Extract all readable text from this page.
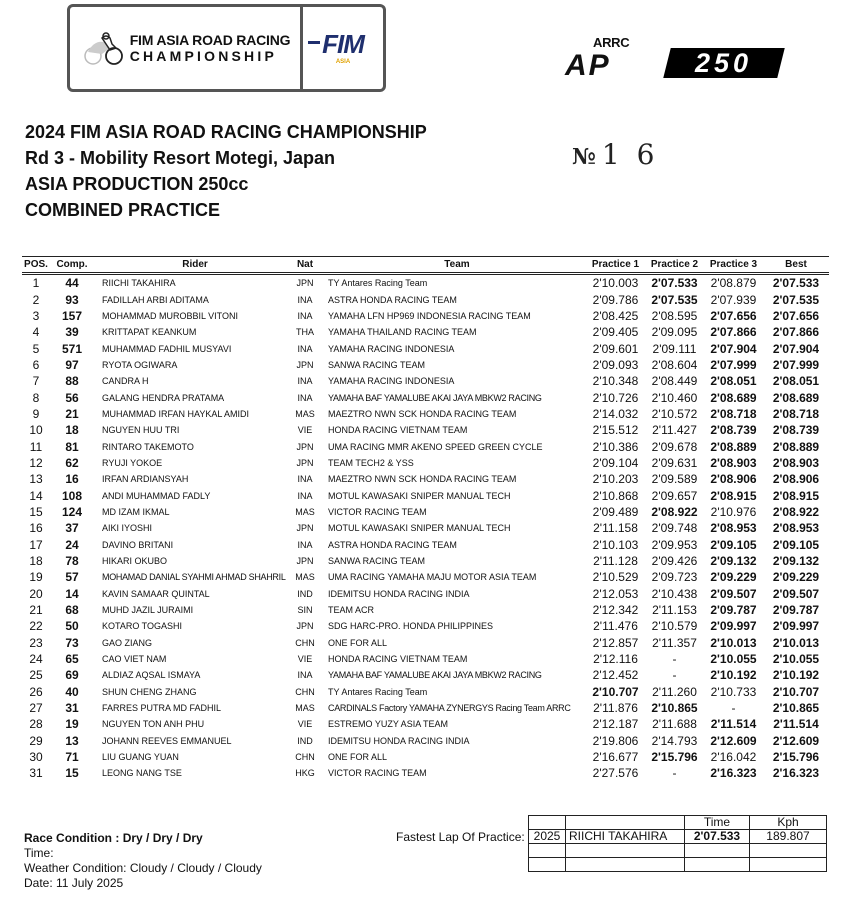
FIM ASIA ROAD RACING
CHAMPIONSHIP	FIM
ASIA
ARRC
AP	250
2024 FIM ASIA ROAD RACING CHAMPIONSHIP
Rd 3 - Mobility Resort Motegi, Japan
ASIA PRODUCTION 250cc
COMBINED PRACTICE
№ 1 6
POS.	Comp.	Rider	Nat	Team	Practice 1	Practice 2	Practice 3	Best
1	44	RIICHI TAKAHIRA	JPN	TY Antares Racing Team	2'10.003	2'07.533	2'08.879	2'07.533
2	93	FADILLAH ARBI ADITAMA	INA	ASTRA HONDA RACING TEAM	2'09.786	2'07.535	2'07.939	2'07.535
3	157	MOHAMMAD MUROBBIL VITONI	INA	YAMAHA LFN HP969 INDONESIA RACING TEAM	2'08.425	2'08.595	2'07.656	2'07.656
4	39	KRITTAPAT KEANKUM	THA	YAMAHA THAILAND RACING TEAM	2'09.405	2'09.095	2'07.866	2'07.866
5	571	MUHAMMAD FADHIL MUSYAVI	INA	YAMAHA RACING INDONESIA	2'09.601	2'09.111	2'07.904	2'07.904
6	97	RYOTA OGIWARA	JPN	SANWA RACING TEAM	2'09.093	2'08.604	2'07.999	2'07.999
7	88	CANDRA H	INA	YAMAHA RACING INDONESIA	2'10.348	2'08.449	2'08.051	2'08.051
8	56	GALANG HENDRA PRATAMA	INA	YAMAHA BAF YAMALUBE AKAI JAYA MBKW2 RACING	2'10.726	2'10.460	2'08.689	2'08.689
9	21	MUHAMMAD IRFAN HAYKAL AMIDI	MAS	MAEZTRO NWN SCK HONDA RACING TEAM	2'14.032	2'10.572	2'08.718	2'08.718
10	18	NGUYEN HUU TRI	VIE	HONDA RACING VIETNAM TEAM	2'15.512	2'11.427	2'08.739	2'08.739
11	81	RINTARO TAKEMOTO	JPN	UMA RACING MMR AKENO SPEED GREEN CYCLE	2'10.386	2'09.678	2'08.889	2'08.889
12	62	RYUJI YOKOE	JPN	TEAM TECH2 & YSS	2'09.104	2'09.631	2'08.903	2'08.903
13	16	IRFAN ARDIANSYAH	INA	MAEZTRO NWN SCK HONDA RACING TEAM	2'10.203	2'09.589	2'08.906	2'08.906
14	108	ANDI MUHAMMAD FADLY	INA	MOTUL KAWASAKI SNIPER MANUAL TECH	2'10.868	2'09.657	2'08.915	2'08.915
15	124	MD IZAM IKMAL	MAS	VICTOR RACING TEAM	2'09.489	2'08.922	2'10.976	2'08.922
16	37	AIKI IYOSHI	JPN	MOTUL KAWASAKI SNIPER MANUAL TECH	2'11.158	2'09.748	2'08.953	2'08.953
17	24	DAVINO BRITANI	INA	ASTRA HONDA RACING TEAM	2'10.103	2'09.953	2'09.105	2'09.105
18	78	HIKARI OKUBO	JPN	SANWA RACING TEAM	2'11.128	2'09.426	2'09.132	2'09.132
19	57	MOHAMAD DANIAL SYAHMI AHMAD SHAHRIL	MAS	UMA RACING YAMAHA MAJU MOTOR ASIA TEAM	2'10.529	2'09.723	2'09.229	2'09.229
20	14	KAVIN SAMAAR QUINTAL	IND	IDEMITSU HONDA RACING INDIA	2'12.053	2'10.438	2'09.507	2'09.507
21	68	MUHD JAZIL JURAIMI	SIN	TEAM ACR	2'12.342	2'11.153	2'09.787	2'09.787
22	50	KOTARO TOGASHI	JPN	SDG HARC-PRO. HONDA PHILIPPINES	2'11.476	2'10.579	2'09.997	2'09.997
23	73	GAO ZIANG	CHN	ONE FOR ALL	2'12.857	2'11.357	2'10.013	2'10.013
24	65	CAO VIET NAM	VIE	HONDA RACING VIETNAM TEAM	2'12.116	-	2'10.055	2'10.055
25	69	ALDIAZ AQSAL ISMAYA	INA	YAMAHA BAF YAMALUBE AKAI JAYA MBKW2 RACING	2'12.452	-	2'10.192	2'10.192
26	40	SHUN CHENG ZHANG	CHN	TY Antares Racing Team	2'10.707	2'11.260	2'10.733	2'10.707
27	31	FARRES PUTRA MD FADHIL	MAS	CARDINALS Factory YAMAHA ZYNERGYS Racing Team ARRC	2'11.876	2'10.865	-	2'10.865
28	19	NGUYEN TON ANH PHU	VIE	ESTREMO YUZY ASIA TEAM	2'12.187	2'11.688	2'11.514	2'11.514
29	13	JOHANN REEVES EMMANUEL	IND	IDEMITSU HONDA RACING INDIA	2'19.806	2'14.793	2'12.609	2'12.609
30	71	LIU GUANG YUAN	CHN	ONE FOR ALL	2'16.677	2'15.796	2'16.042	2'15.796
31	15	LEONG NANG TSE	HKG	VICTOR RACING TEAM	2'27.576	-	2'16.323	2'16.323
Race Condition : Dry / Dry / Dry
Time:
Weather Condition: Cloudy / Cloudy / Cloudy
Date: 11 July 2025
Fastest Lap Of Practice:
		Time	Kph
2025	RIICHI TAKAHIRA	2'07.533	189.807
